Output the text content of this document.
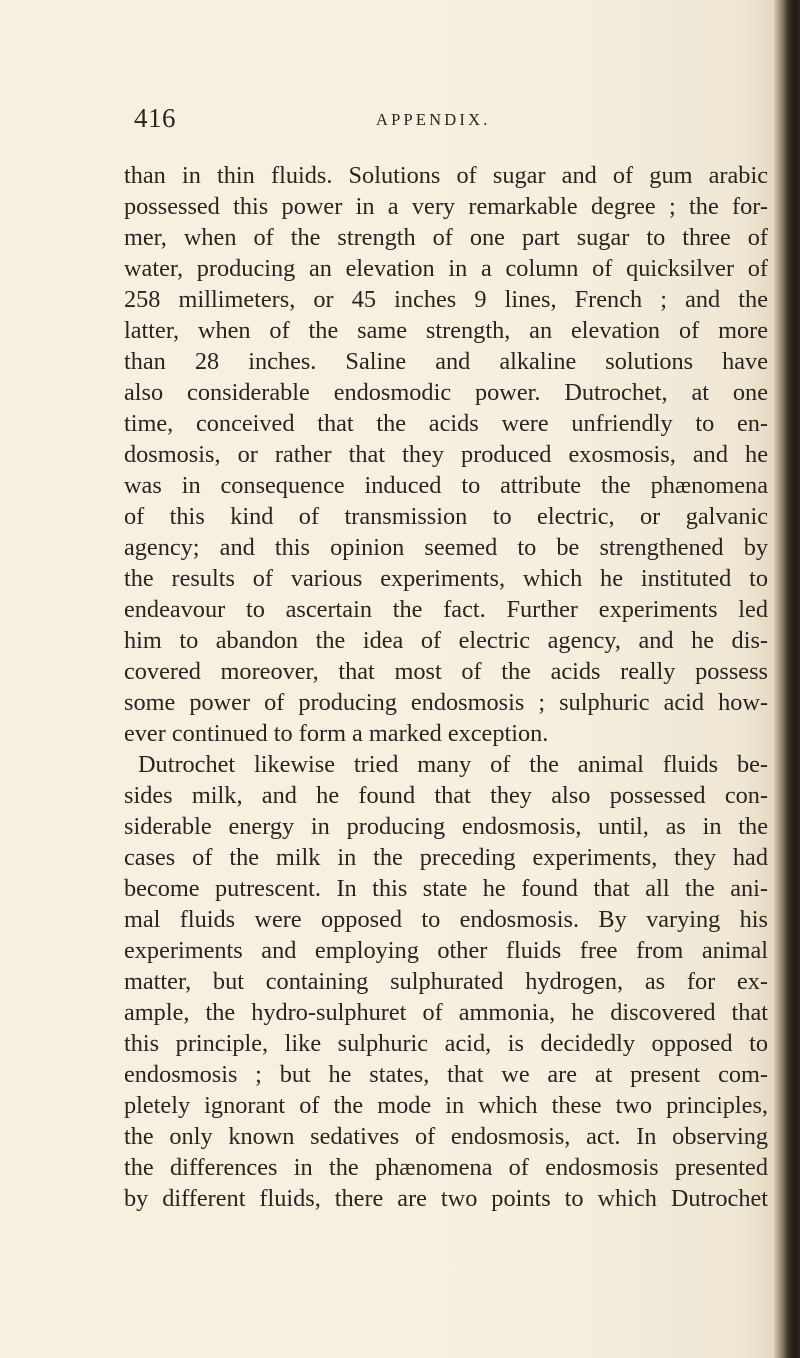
416	APPENDIX.
than in thin fluids. Solutions of sugar and of gum arabic
possessed this power in a very remarkable degree ; the for-
mer, when of the strength of one part sugar to three of
water, producing an elevation in a column of quicksilver of
258 millimeters, or 45 inches 9 lines, French ; and the
latter, when of the same strength, an elevation of more
than 28 inches. Saline and alkaline solutions have
also considerable endosmodic power. Dutrochet, at one
time, conceived that the acids were unfriendly to en-
dosmosis, or rather that they produced exosmosis, and he
was in consequence induced to attribute the phænomena
of this kind of transmission to electric, or galvanic
agency; and this opinion seemed to be strengthened by
the results of various experiments, which he instituted to
endeavour to ascertain the fact. Further experiments led
him to abandon the idea of electric agency, and he dis-
covered moreover, that most of the acids really possess
some power of producing endosmosis ; sulphuric acid how-
ever continued to form a marked exception.
Dutrochet likewise tried many of the animal fluids be-
sides milk, and he found that they also possessed con-
siderable energy in producing endosmosis, until, as in the
cases of the milk in the preceding experiments, they had
become putrescent. In this state he found that all the ani-
mal fluids were opposed to endosmosis. By varying his
experiments and employing other fluids free from animal
matter, but containing sulphurated hydrogen, as for ex-
ample, the hydro-sulphuret of ammonia, he discovered that
this principle, like sulphuric acid, is decidedly opposed to
endosmosis ; but he states, that we are at present com-
pletely ignorant of the mode in which these two principles,
the only known sedatives of endosmosis, act. In observing
the differences in the phænomena of endosmosis presented
by different fluids, there are two points to which Dutrochet
